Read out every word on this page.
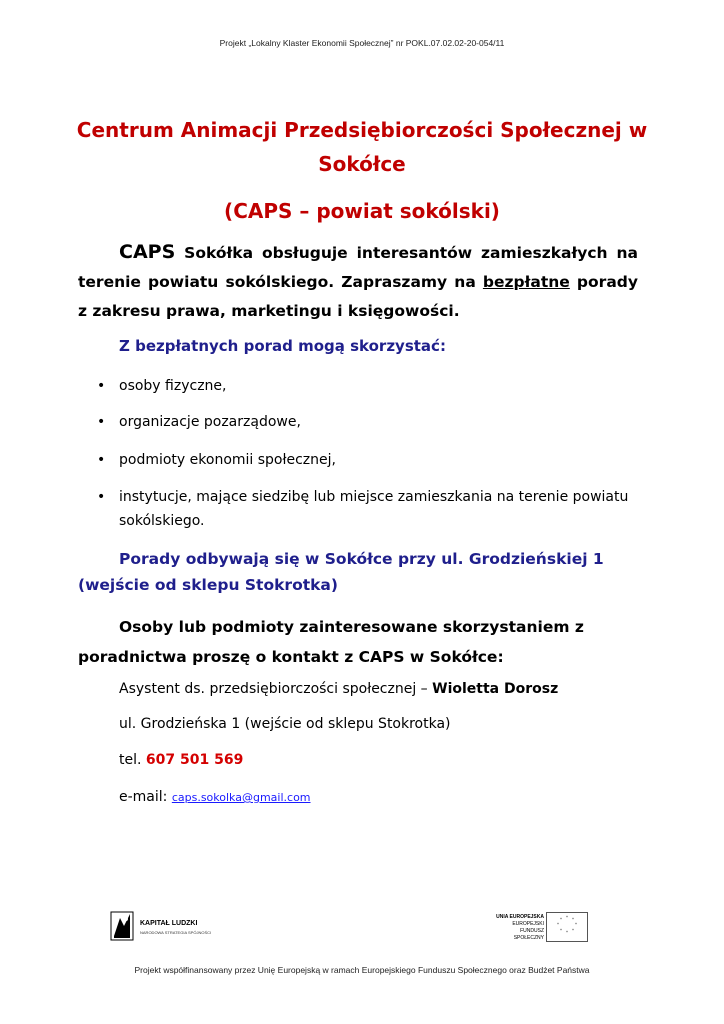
Projekt „Lokalny Klaster Ekonomii Społecznej” nr POKL.07.02.02-20-054/11
Centrum Animacji Przedsiębiorczości Społecznej w
Sokółce
(CAPS – powiat sokólski)
CAPS Sokółka obsługuje interesantów zamieszkałych na terenie powiatu sokólskiego. Zapraszamy na bezpłatne porady z zakresu prawa, marketingu i księgowości.
Z bezpłatnych porad mogą skorzystać:
• osoby fizyczne,
• organizacje pozarządowe,
• podmioty ekonomii społecznej,
• instytucje, mające siedzibę lub miejsce zamieszkania na terenie powiatu sokólskiego.
Porady odbywają się w Sokółce przy ul. Grodzieńskiej 1
(wejście od sklepu Stokrotka)
Osoby lub podmioty zainteresowane skorzystaniem z
poradnictwa proszę o kontakt z CAPS w Sokółce:
Asystent ds. przedsiębiorczości społecznej – Wioletta Dorosz
ul. Grodzieńska 1 (wejście od sklepu Stokrotka)
tel. 607 501 569
e-mail: caps.sokolka@gmail.com
KAPITAŁ LUDZKI
NARODOWA STRATEGIA SPÓJNOŚCI
UNIA EUROPEJSKA
EUROPEJSKI
FUNDUSZ SPOŁECZNY
* *
*
*
*
*
*
*
Projekt współfinansowany przez Unię Europejską w ramach Europejskiego Funduszu Społecznego oraz Budżet Państwa
